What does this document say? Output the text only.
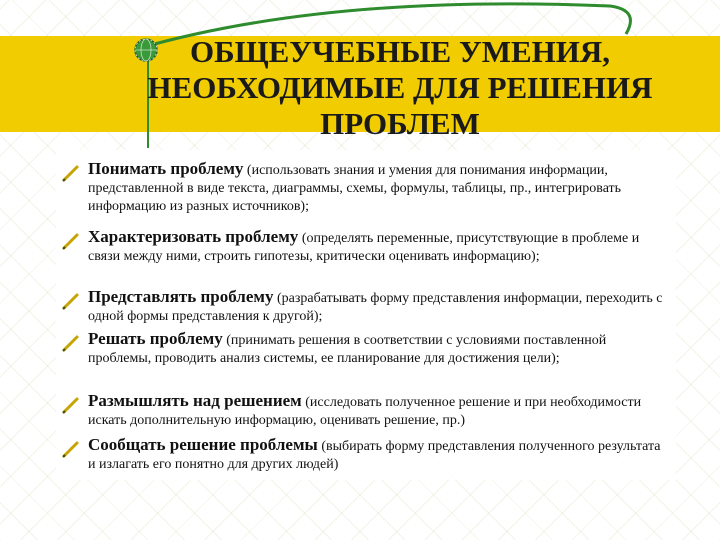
ОБЩЕУЧЕБНЫЕ УМЕНИЯ,
НЕОБХОДИМЫЕ ДЛЯ РЕШЕНИЯ
ПРОБЛЕМ
Понимать проблему (использовать знания и умения для понимания информации, представленной в виде текста, диаграммы, схемы, формулы, таблицы, пр., интегрировать информацию из разных источников);
Характеризовать проблему (определять переменные, присутствующие в проблеме и связи между ними, строить гипотезы, критически оценивать информацию);
Представлять проблему (разрабатывать форму представления информации, переходить с одной формы представления к другой);
Решать проблему (принимать решения в соответствии с условиями поставленной проблемы, проводить анализ системы, ее планирование для достижения цели);
Размышлять над решением (исследовать полученное решение и при необходимости искать дополнительную информацию, оценивать решение, пр.)
Сообщать решение проблемы (выбирать форму представления полученного результата и излагать его понятно для других людей)
